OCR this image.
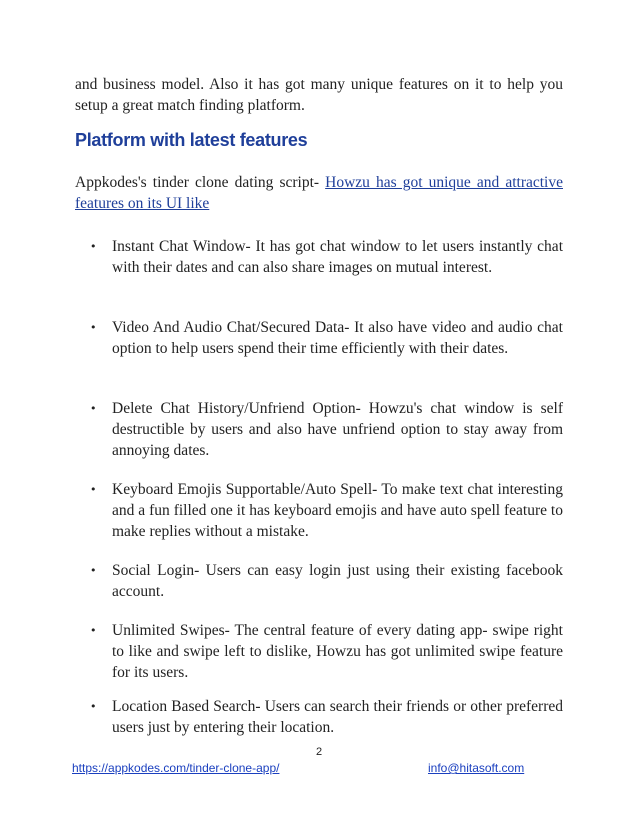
and business model. Also it has got many unique features on it to help you setup a great match finding platform.

Platform with latest features

Appkodes's tinder clone dating script- Howzu has got unique and attractive features on its UI like

• Instant Chat Window- It has got chat window to let users instantly chat with their dates and can also share images on mutual interest.
• Video And Audio Chat/Secured Data- It also have video and audio chat option to help users spend their time efficiently with their dates.
• Delete Chat History/Unfriend Option- Howzu's chat window is self destructible by users and also have unfriend option to stay away from annoying dates.
• Keyboard Emojis Supportable/Auto Spell- To make text chat interesting and a fun filled one it has keyboard emojis and have auto spell feature to make replies without a mistake.
• Social Login- Users can easy login just using their existing facebook account.
• Unlimited Swipes- The central feature of every dating app- swipe right to like and swipe left to dislike, Howzu has got unlimited swipe feature for its users.
• Location Based Search- Users can search their friends or other preferred users just by entering their location.
2
https://appkodes.com/tinder-clone-app/	info@hitasoft.com
